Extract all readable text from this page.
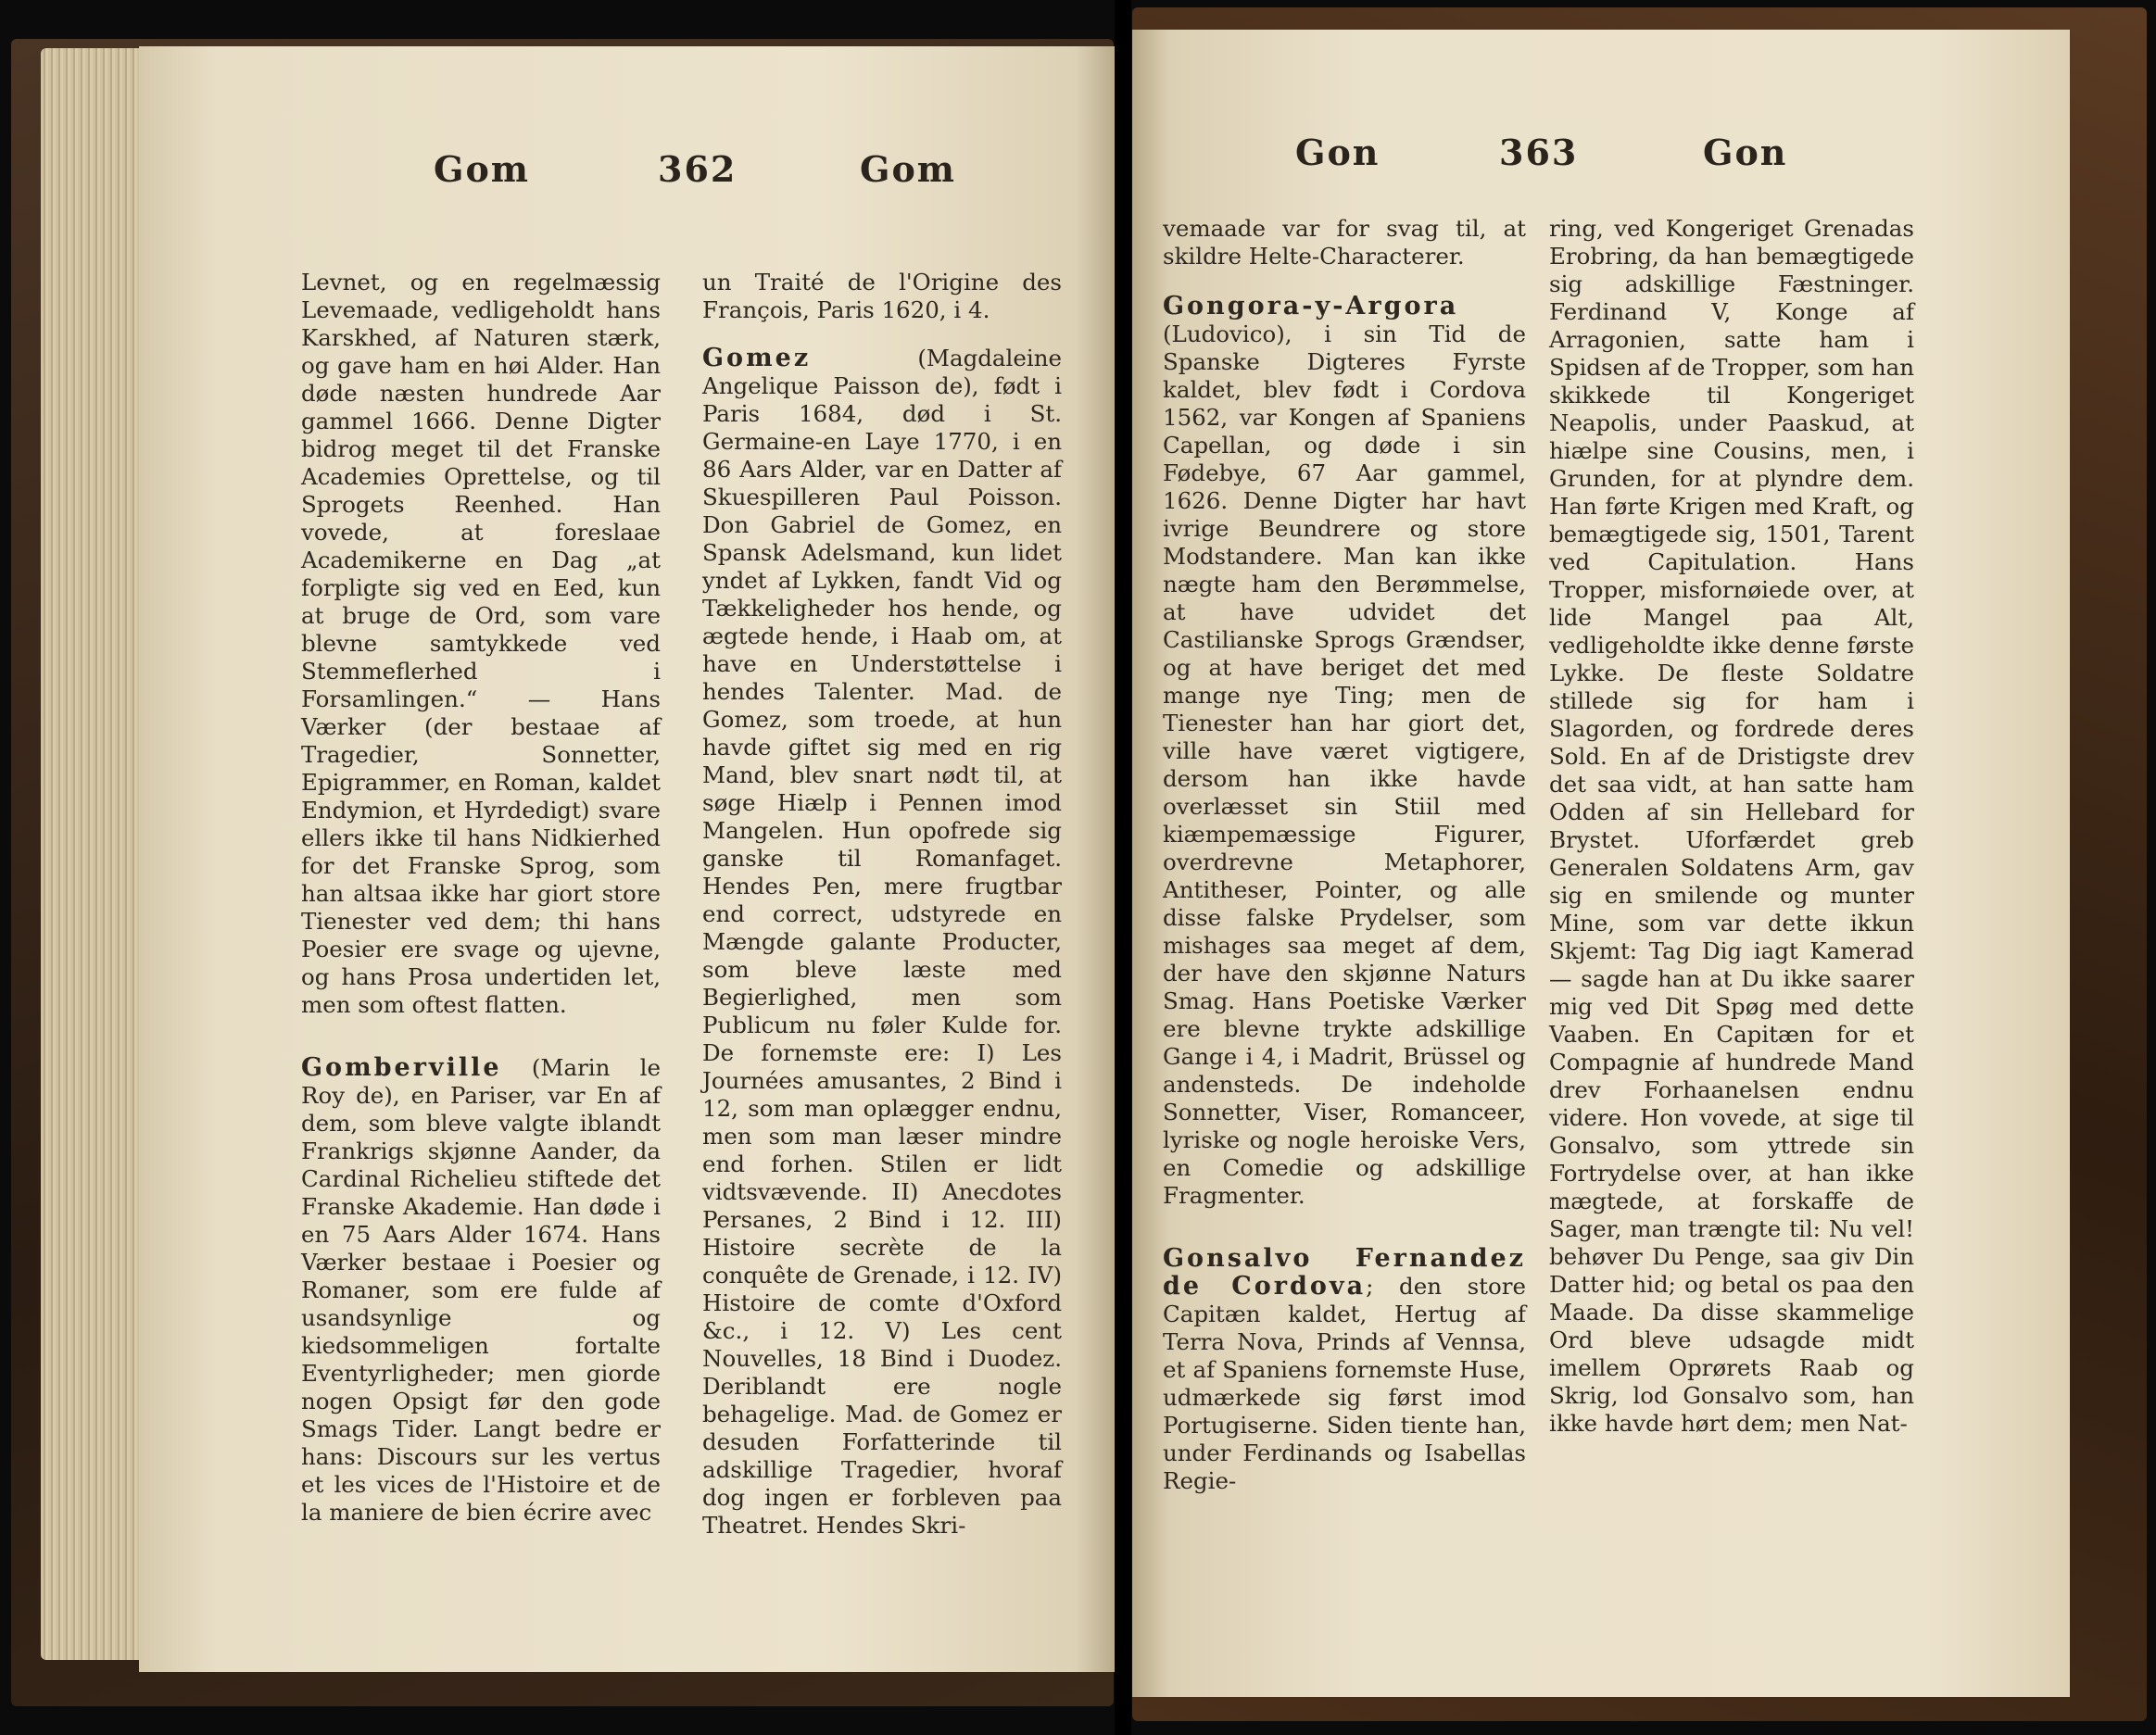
Gom	362	Gom

Levnet, og en regelmæssig Levemaade, vedligeholdt hans Karskhed, af Naturen stærk, og gave ham en høi Alder. Han døde næsten hundrede Aar gammel 1666. Denne Digter bidrog meget til det Franske Academies Oprettelse, og til Sprogets Reenhed. Han vovede, at foreslaae Academikerne en Dag „at forpligte sig ved en Eed, kun at bruge de Ord, som vare blevne samtykkede ved Stemmeflerhed i Forsamlingen.“ — Hans Værker (der bestaae af Tragedier, Sonnetter, Epigrammer, en Roman, kaldet Endymion, et Hyrdedigt) svare ellers ikke til hans Nidkierhed for det Franske Sprog, som han altsaa ikke har giort store Tienester ved dem; thi hans Poesier ere svage og ujevne, og hans Prosa undertiden let, men som oftest flatten.

Gomberville (Marin le Roy de), en Pariser, var En af dem, som bleve valgte iblandt Frankrigs skjønne Aander, da Cardinal Richelieu stiftede det Franske Akademie. Han døde i en 75 Aars Alder 1674. Hans Værker bestaae i Poesier og Romaner, som ere fulde af usandsynlige og kiedsommeligen fortalte Eventyrligheder; men giorde nogen Opsigt før den gode Smags Tider. Langt bedre er hans: Discours sur les vertus et les vices de l'Histoire et de la maniere de bien écrire avec

un Traité de l'Origine des François, Paris 1620, i 4.

Gomez (Magdaleine Angelique Paisson de), født i Paris 1684, død i St. Germaine-en Laye 1770, i en 86 Aars Alder, var en Datter af Skuespilleren Paul Poisson. Don Gabriel de Gomez, en Spansk Adelsmand, kun lidet yndet af Lykken, fandt Vid og Tækkeligheder hos hende, og ægtede hende, i Haab om, at have en Understøttelse i hendes Talenter. Mad. de Gomez, som troede, at hun havde giftet sig med en rig Mand, blev snart nødt til, at søge Hiælp i Pennen imod Mangelen. Hun opofrede sig ganske til Romanfaget. Hendes Pen, mere frugtbar end correct, udstyrede en Mængde galante Producter, som bleve læste med Begierlighed, men som Publicum nu føler Kulde for. De fornemste ere: I) Les Journées amusantes, 2 Bind i 12, som man oplægger endnu, men som man læser mindre end forhen. Stilen er lidt vidtsvævende. II) Anecdotes Persanes, 2 Bind i 12. III) Histoire secrète de la conquête de Grenade, i 12. IV) Histoire de comte d'Oxford &c., i 12. V) Les cent Nouvelles, 18 Bind i Duodez. Deriblandt ere nogle behagelige. Mad. de Gomez er desuden Forfatterinde til adskillige Tragedier, hvoraf dog ingen er forbleven paa Theatret. Hendes Skri-

Gon	363	Gon

vemaade var for svag til, at skildre Helte-Characterer.

Gongora-y-Argora (Ludovico), i sin Tid de Spanske Digteres Fyrste kaldet, blev født i Cordova 1562, var Kongen af Spaniens Capellan, og døde i sin Fødebye, 67 Aar gammel, 1626. Denne Digter har havt ivrige Beundrere og store Modstandere. Man kan ikke nægte ham den Berømmelse, at have udvidet det Castilianske Sprogs Grændser, og at have beriget det med mange nye Ting; men de Tienester han har giort det, ville have været vigtigere, dersom han ikke havde overlæsset sin Stiil med kiæmpemæssige Figurer, overdrevne Metaphorer, Antitheser, Pointer, og alle disse falske Prydelser, som mishages saa meget af dem, der have den skjønne Naturs Smag. Hans Poetiske Værker ere blevne trykte adskillige Gange i 4, i Madrit, Brüssel og andensteds. De indeholde Sonnetter, Viser, Romanceer, lyriske og nogle heroiske Vers, en Comedie og adskillige Fragmenter.

Gonsalvo Fernandez de Cordova; den store Capitæn kaldet, Hertug af Terra Nova, Prinds af Vennsa, et af Spaniens fornemste Huse, udmærkede sig først imod Portugiserne. Siden tiente han, under Ferdinands og Isabellas Regie-

ring, ved Kongeriget Grenadas Erobring, da han bemægtigede sig adskillige Fæstninger. Ferdinand V, Konge af Arragonien, satte ham i Spidsen af de Tropper, som han skikkede til Kongeriget Neapolis, under Paaskud, at hiælpe sine Cousins, men, i Grunden, for at plyndre dem. Han førte Krigen med Kraft, og bemægtigede sig, 1501, Tarent ved Capitulation. Hans Tropper, misfornøiede over, at lide Mangel paa Alt, vedligeholdte ikke denne første Lykke. De fleste Soldatre stillede sig for ham i Slagorden, og fordrede deres Sold. En af de Dristigste drev det saa vidt, at han satte ham Odden af sin Hellebard for Brystet. Uforfærdet greb Generalen Soldatens Arm, gav sig en smilende og munter Mine, som var dette ikkun Skjemt: Tag Dig iagt Kamerad — sagde han at Du ikke saarer mig ved Dit Spøg med dette Vaaben. En Capitæn for et Compagnie af hundrede Mand drev Forhaanelsen endnu videre. Hon vovede, at sige til Gonsalvo, som yttrede sin Fortrydelse over, at han ikke mægtede, at forskaffe de Sager, man trængte til: Nu vel! behøver Du Penge, saa giv Din Datter hid; og betal os paa den Maade. Da disse skammelige Ord bleve udsagde midt imellem Oprørets Raab og Skrig, lod Gonsalvo som, han ikke havde hørt dem; men Nat-
